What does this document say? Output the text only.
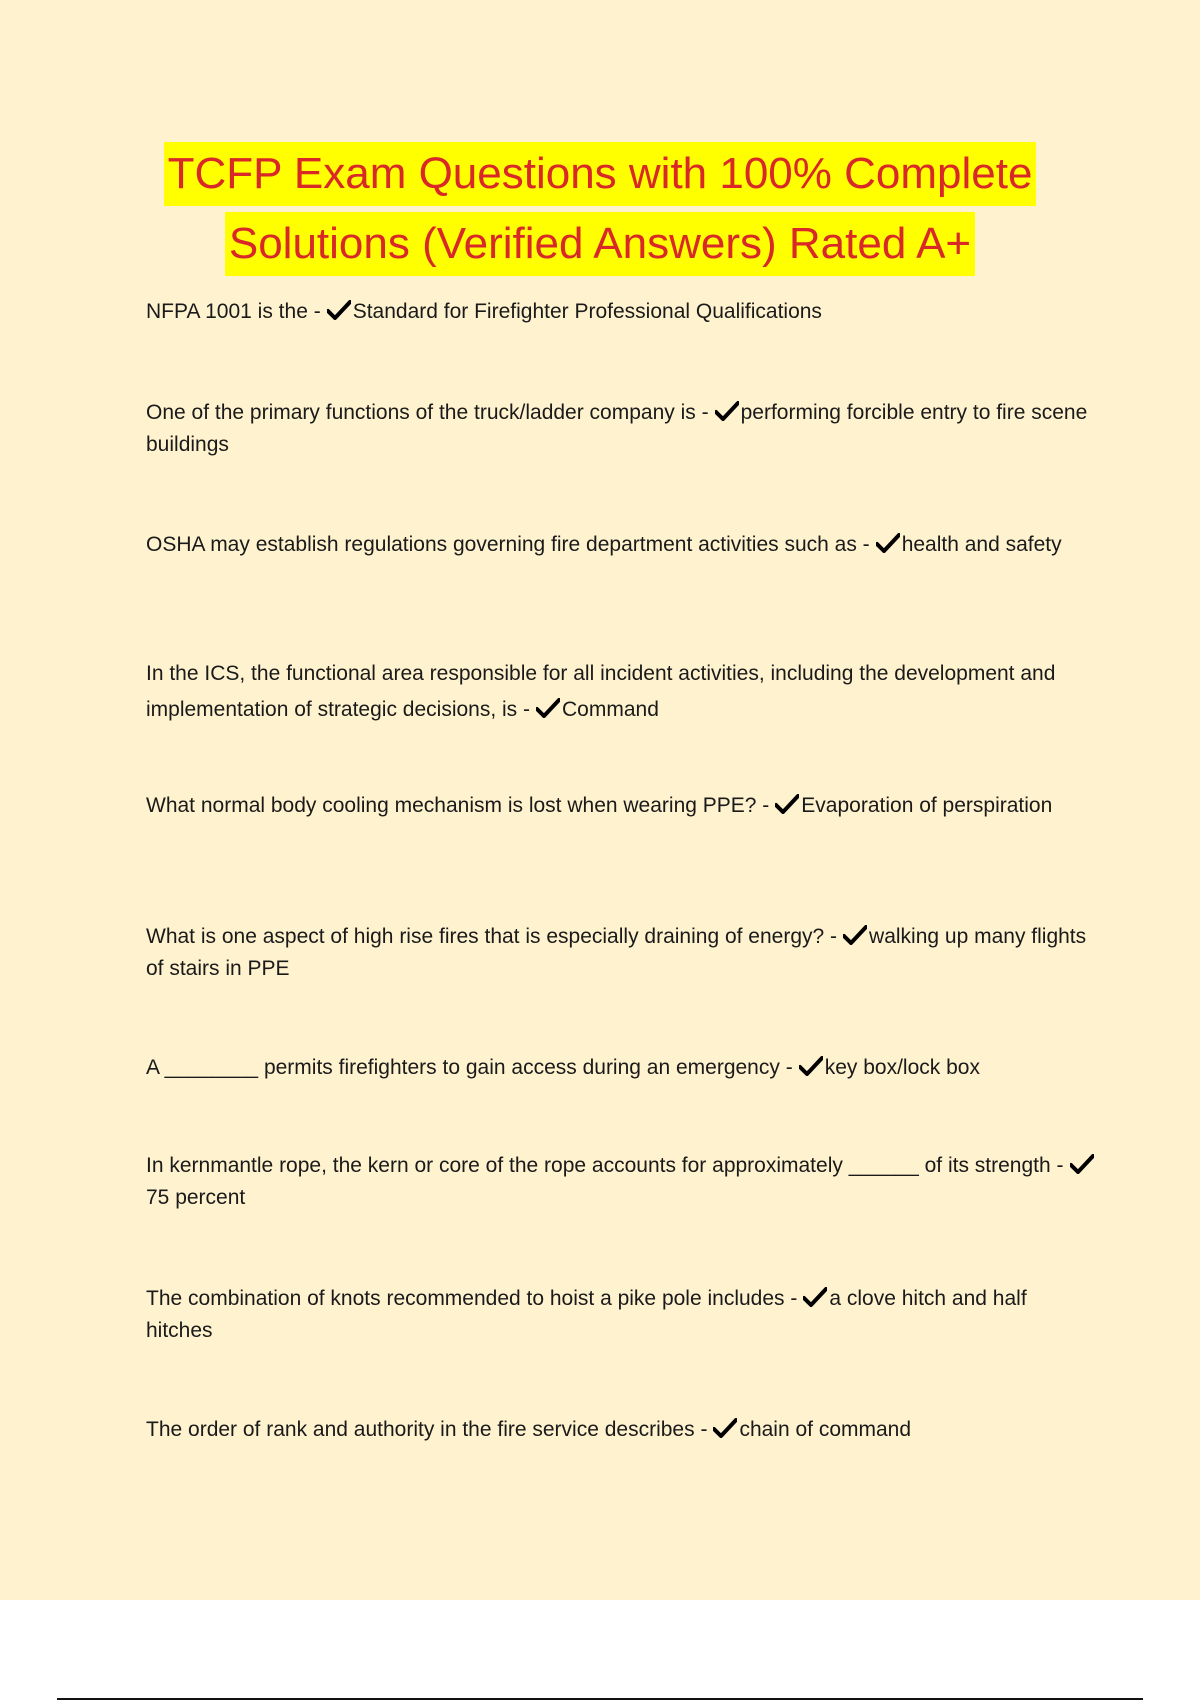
TCFP Exam Questions with 100% Complete
Solutions (Verified Answers) Rated A+
NFPA 1001 is the - Standard for Firefighter Professional Qualifications
One of the primary functions of the truck/ladder company is - performing forcible entry to fire scene buildings
OSHA may establish regulations governing fire department activities such as - health and safety
In the ICS, the functional area responsible for all incident activities, including the development and implementation of strategic decisions, is - Command
What normal body cooling mechanism is lost when wearing PPE? - Evaporation of perspiration
What is one aspect of high rise fires that is especially draining of energy? - walking up many flights of stairs in PPE
A ________ permits firefighters to gain access during an emergency - key box/lock box
In kernmantle rope, the kern or core of the rope accounts for approximately ______ of its strength -
75 percent
The combination of knots recommended to hoist a pike pole includes - a clove hitch and half hitches
The order of rank and authority in the fire service describes - chain of command
